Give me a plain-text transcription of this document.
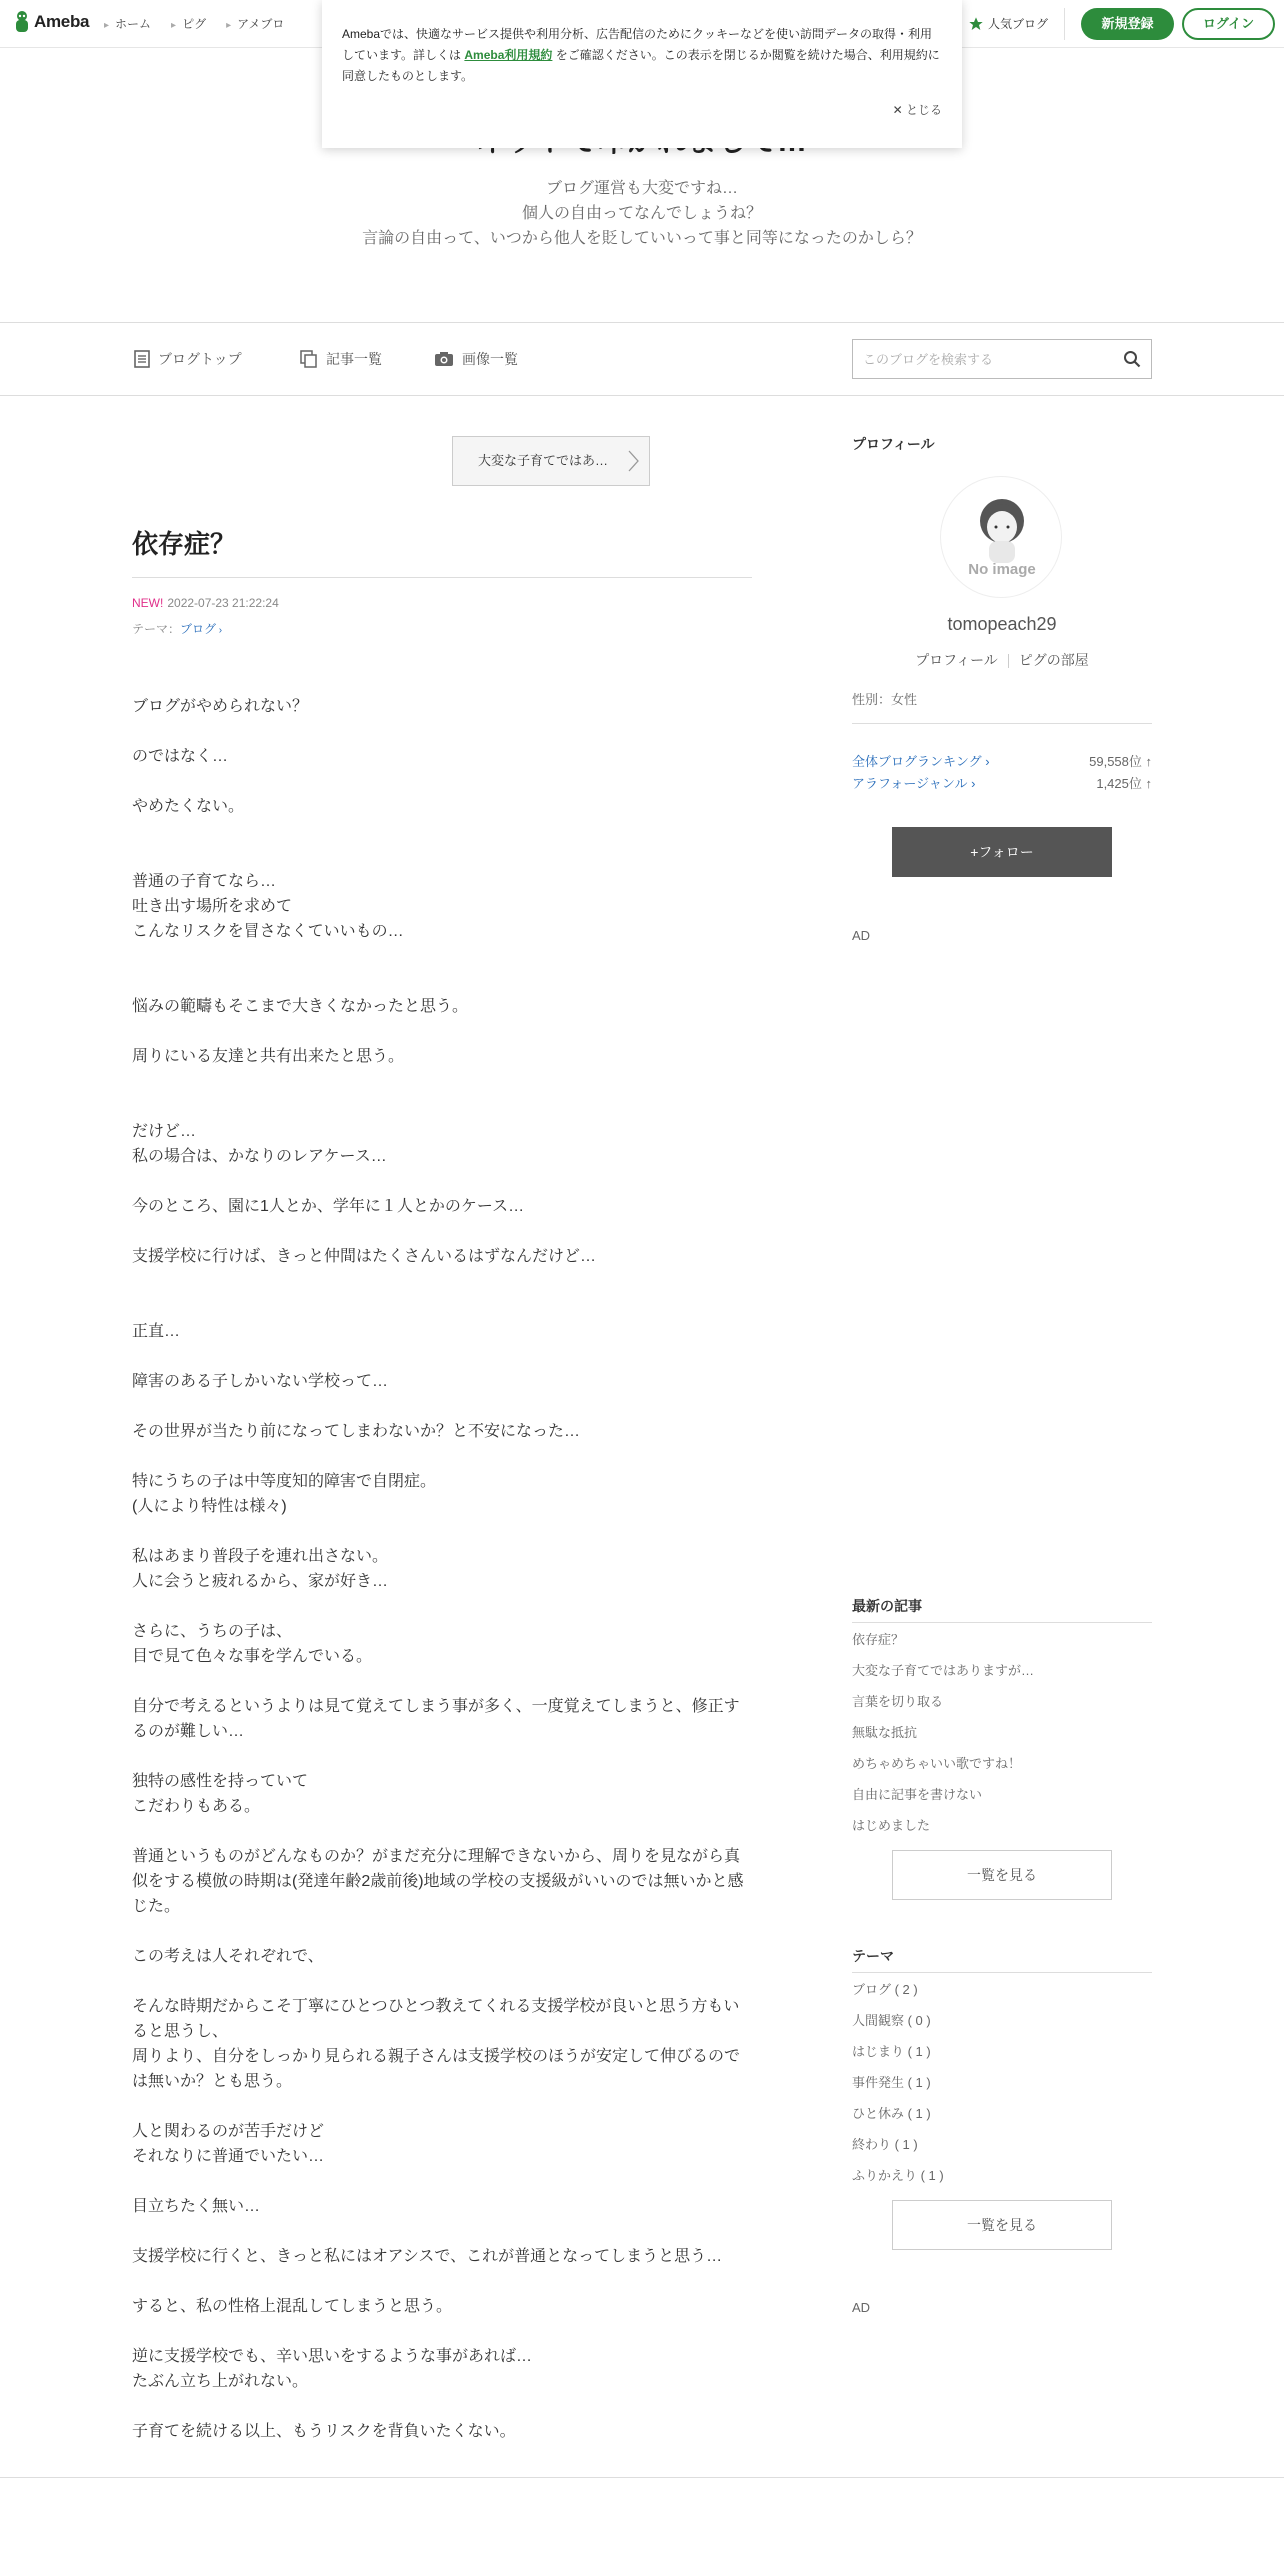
Ameba	▸ ホーム	▸ ピグ	▸ アメブロ	人気ブログ	新規登録	ログイン
ブログ運営も大変ですね…
個人の自由ってなんでしょうね？
言論の自由って、いつから他人を貶していいって事と同等になったのかしら？
Amebaでは、快適なサービス提供や利用分析、広告配信のためにクッキーなどを使い訪問データの取得・利用しています。詳しくは Ameba利用規約 をご確認ください。この表示を閉じるか閲覧を続けた場合、利用規約に同意したものとします。
✕ とじる
ブログトップ	記事一覧	画像一覧
このブログを検索する
大変な子育てではあ…
依存症？
NEW! 2022-07-23 21:22:24
テーマ：ブログ ›

ブログがやめられない？

のではなく…

やめたくない。

普通の子育てなら…

吐き出す場所を求めて

こんなリスクを冒さなくていいもの…

悩みの範疇もそこまで大きくなかったと思う。

周りにいる友達と共有出来たと思う。

だけど…

私の場合は、かなりのレアケース…

今のところ、園に1人とか、学年に１人とかのケース…

支援学校に行けば、きっと仲間はたくさんいるはずなんだけど…

正直…

障害のある子しかいない学校って…

その世界が当たり前になってしまわないか？と不安になった…

特にうちの子は中等度知的障害で自閉症。

(人により特性は様々)

私はあまり普段子を連れ出さない。

人に会うと疲れるから、家が好き…

さらに、うちの子は、

目で見て色々な事を学んでいる。

自分で考えるというよりは見て覚えてしまう事が多く、一度覚えてしまうと、修正するのが難しい…

独特の感性を持っていて

こだわりもある。

普通というものがどんなものか？がまだ充分に理解できないから、周りを見ながら真似をする模倣の時期は(発達年齢2歳前後)地域の学校の支援級がいいのでは無いかと感じた。

この考えは人それぞれで、

そんな時期だからこそ丁寧にひとつひとつ教えてくれる支援学校が良いと思う方もいると思うし、

周りより、自分をしっかり見られる親子さんは支援学校のほうが安定して伸びるのでは無いか？とも思う。

人と関わるのが苦手だけど

それなりに普通でいたい…

目立ちたく無い…

支援学校に行くと、きっと私にはオアシスで、これが普通となってしまうと思う…

すると、私の性格上混乱してしまうと思う。

逆に支援学校でも、辛い思いをするような事があれば…

たぶん立ち上がれない。

子育てを続ける以上、もうリスクを背負いたくない。

プロフィール
No image
tomopeach29
プロフィール ピグの部屋
性別：女性
全体ブログランキング ›	59,558位 ↑
アラフォージャンル ›	1,425位 ↑
+フォロー
AD
最新の記事
依存症？
大変な子育てではありますが…
言葉を切り取る
無駄な抵抗
めちゃめちゃいい歌ですね！
自由に記事を書けない
はじめました
一覧を見る
テーマ
ブログ ( 2 )
人間観察 ( 0 )
はじまり ( 1 )
事件発生 ( 1 )
ひと休み ( 1 )
終わり ( 1 )
ふりかえり ( 1 )
一覧を見る
AD
